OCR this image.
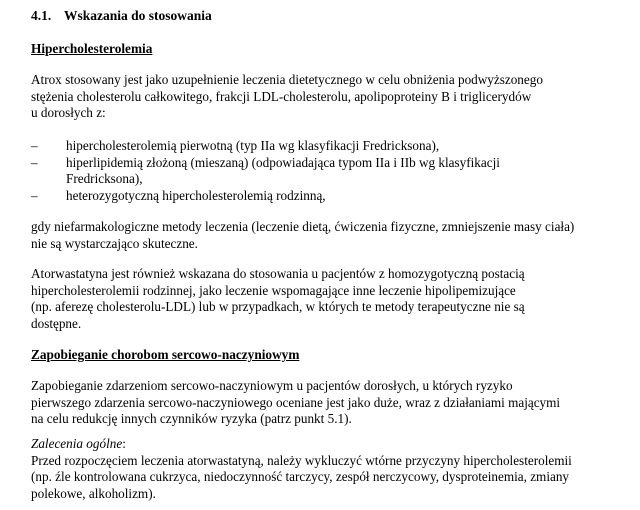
4.1. Wskazania do stosowania

Hipercholesterolemia

Atrox stosowany jest jako uzupełnienie leczenia dietetycznego w celu obniżenia podwyższonego
stężenia cholesterolu całkowitego, frakcji LDL-cholesterolu, apolipoproteiny B i triglicerydów
u dorosłych z:

– hipercholesterolemią pierwotną (typ IIa wg klasyfikacji Fredricksona),
– hiperlipidemią złożoną (mieszaną) (odpowiadająca typom IIa i IIb wg klasyfikacji
Fredricksona),
– heterozygotyczną hipercholesterolemią rodzinną,

gdy niefarmakologiczne metody leczenia (leczenie dietą, ćwiczenia fizyczne, zmniejszenie masy ciała)
nie są wystarczająco skuteczne.

Atorwastatyna jest również wskazana do stosowania u pacjentów z homozygotyczną postacią
hipercholesterolemii rodzinnej, jako leczenie wspomagające inne leczenie hipolipemizujące
(np. aferezę cholesterolu-LDL) lub w przypadkach, w których te metody terapeutyczne nie są
dostępne.

Zapobieganie chorobom sercowo-naczyniowym

Zapobieganie zdarzeniom sercowo-naczyniowym u pacjentów dorosłych, u których ryzyko
pierwszego zdarzenia sercowo-naczyniowego oceniane jest jako duże, wraz z działaniami mającymi
na celu redukcję innych czynników ryzyka (patrz punkt 5.1).

Zalecenia ogólne:
Przed rozpoczęciem leczenia atorwastatyną, należy wykluczyć wtórne przyczyny hipercholesterolemii
(np. źle kontrolowana cukrzyca, niedoczynność tarczycy, zespół nerczycowy, dysproteinemia, zmiany
polekowe, alkoholizm).
